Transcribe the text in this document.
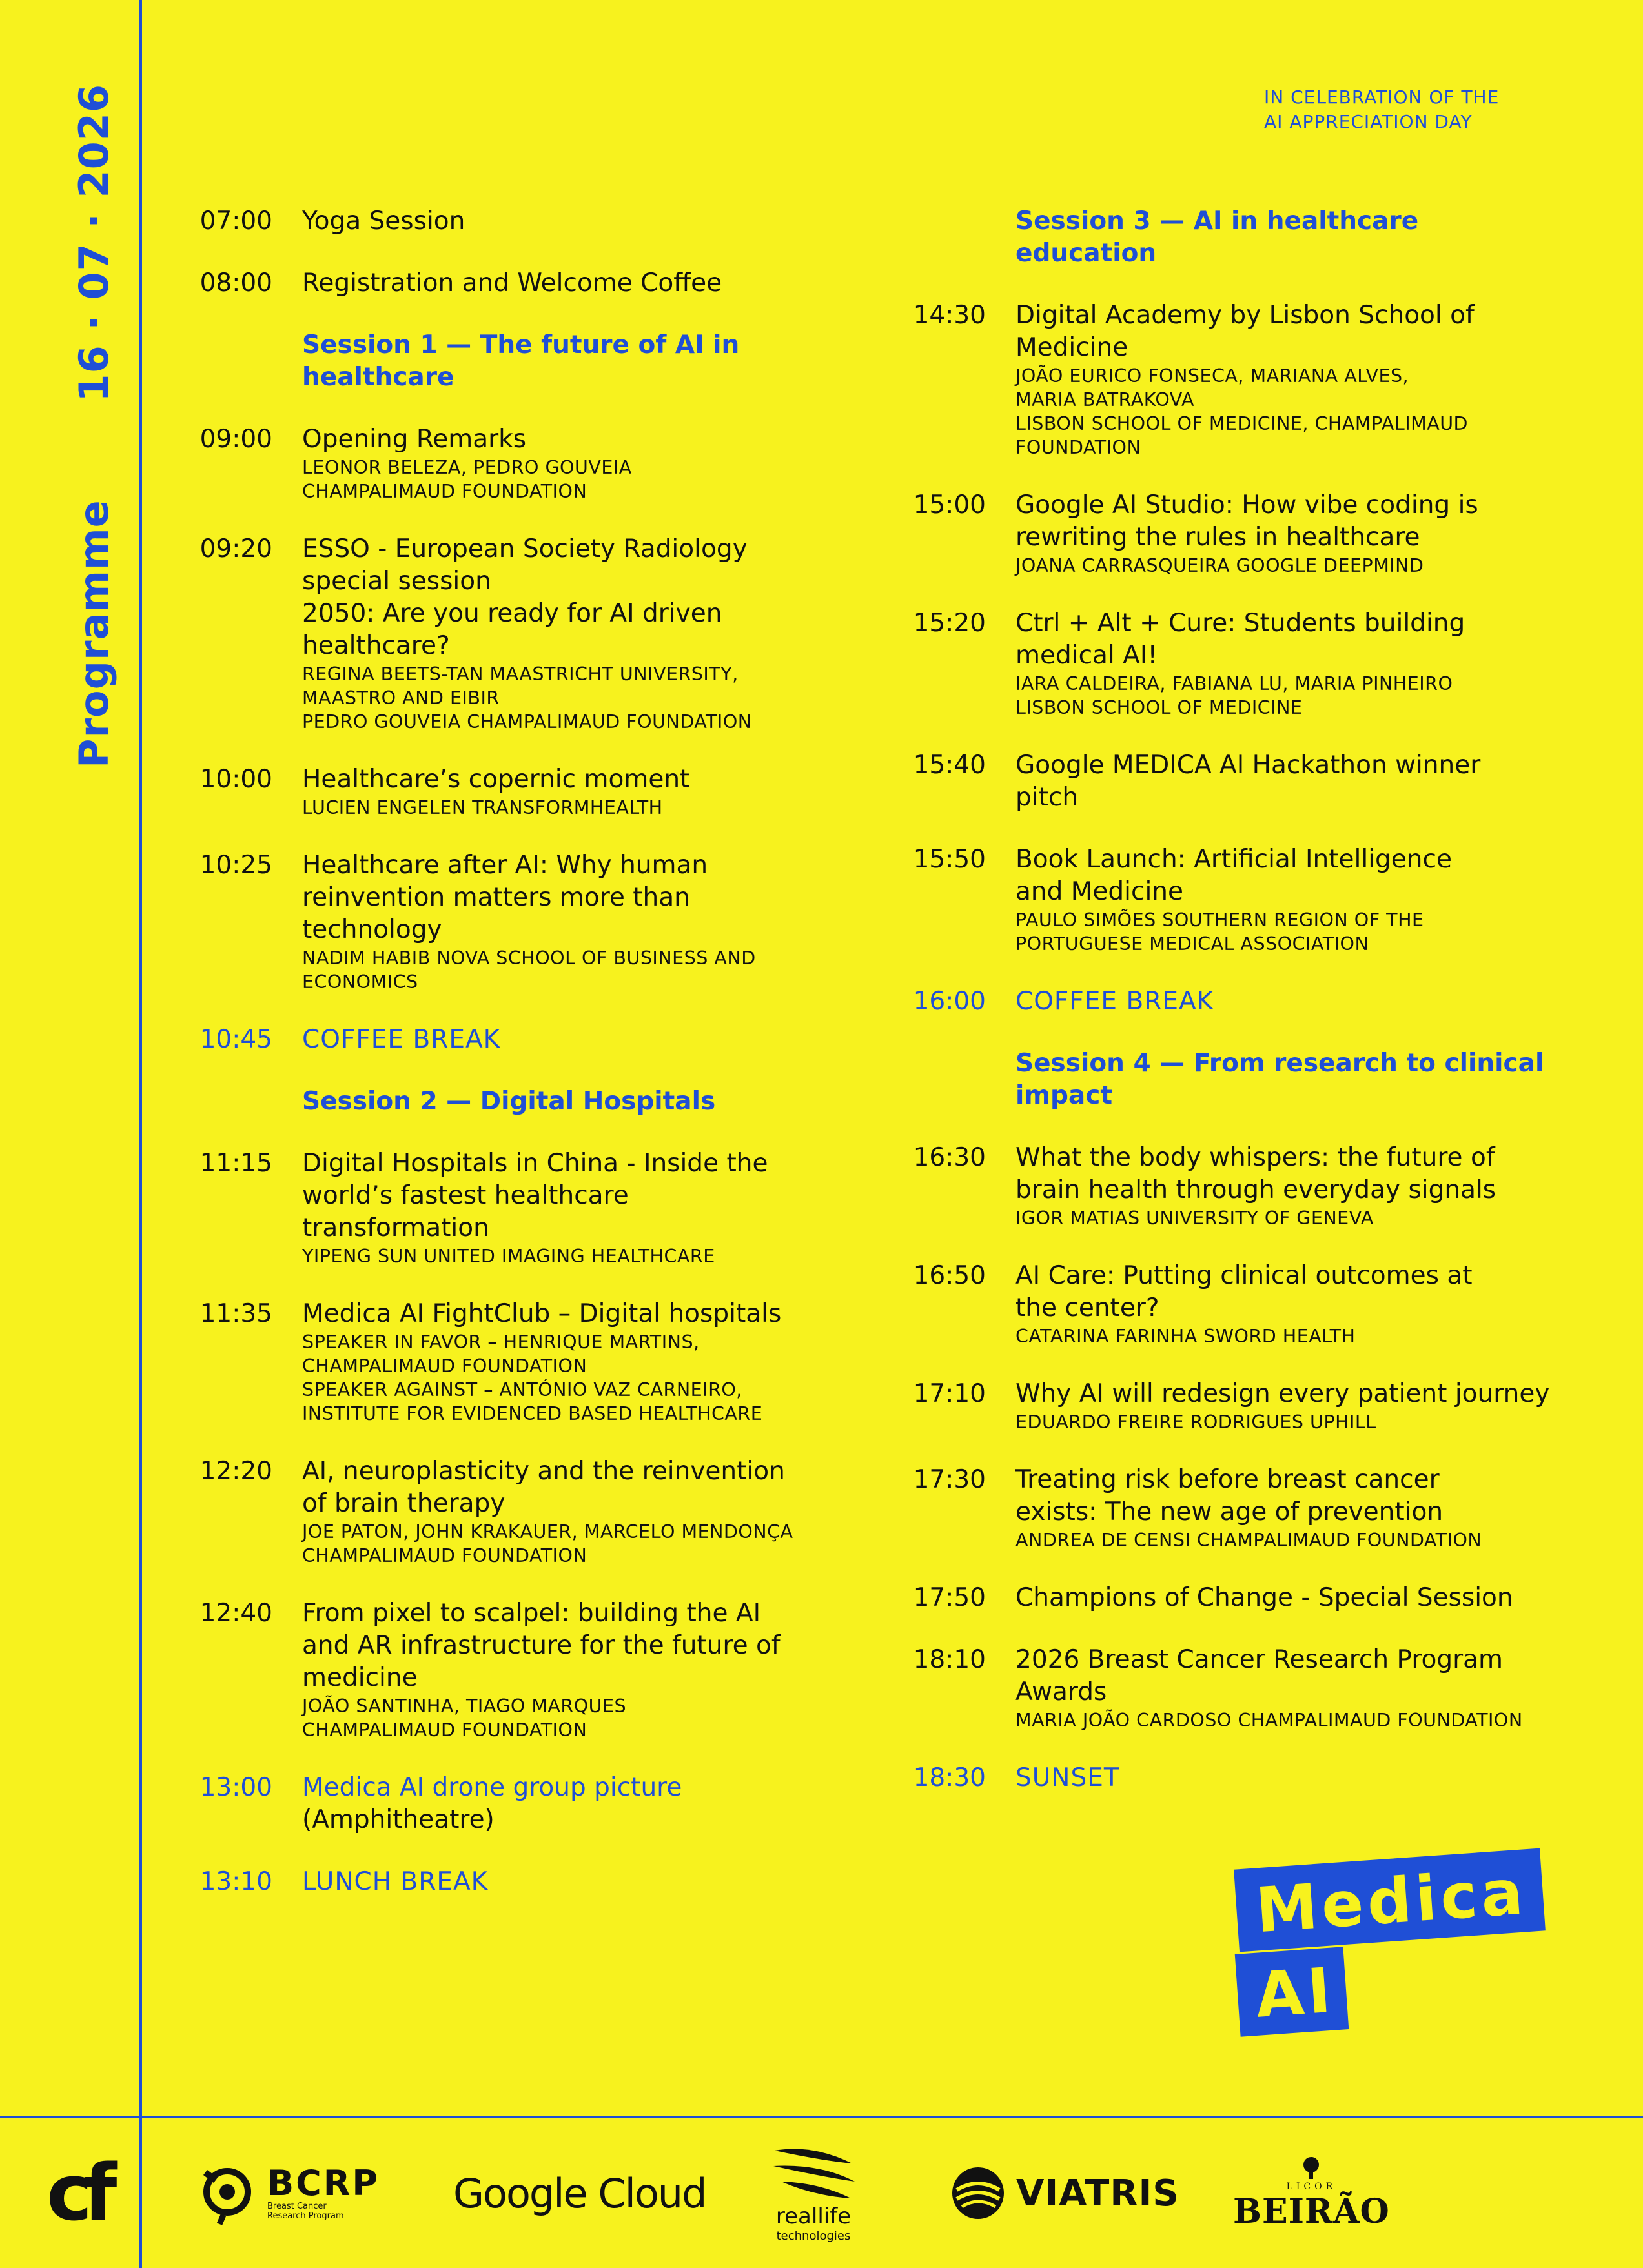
Programme
16 · 07 · 2026	IN CELEBRATION OF THE
AI APPRECIATION DAY
07:00 Yoga Session
08:00 Registration and Welcome Coffee
Session 1 — The future of AI in
healthcare
09:00 Opening Remarks
LEONOR BELEZA, PEDRO GOUVEIA
CHAMPALIMAUD FOUNDATION
09:20 ESSO - European Society Radiology
special session
2050: Are you ready for AI driven
healthcare?
REGINA BEETS-TAN MAASTRICHT UNIVERSITY,
MAASTRO AND EIBIR
PEDRO GOUVEIA CHAMPALIMAUD FOUNDATION
10:00 Healthcare’s copernic moment
LUCIEN ENGELEN TRANSFORMHEALTH
10:25 Healthcare after AI: Why human
reinvention matters more than
technology
NADIM HABIB NOVA SCHOOL OF BUSINESS AND
ECONOMICS
10:45 COFFEE BREAK
Session 2 — Digital Hospitals
11:15 Digital Hospitals in China - Inside the
world’s fastest healthcare
transformation
YIPENG SUN UNITED IMAGING HEALTHCARE
11:35 Medica AI FightClub – Digital hospitals
SPEAKER IN FAVOR – HENRIQUE MARTINS,
CHAMPALIMAUD FOUNDATION
SPEAKER AGAINST – ANTÓNIO VAZ CARNEIRO,
INSTITUTE FOR EVIDENCED BASED HEALTHCARE
12:20 AI, neuroplasticity and the reinvention
of brain therapy
JOE PATON, JOHN KRAKAUER, MARCELO MENDONÇA
CHAMPALIMAUD FOUNDATION
12:40 From pixel to scalpel: building the AI
and AR infrastructure for the future of
medicine
JOÃO SANTINHA, TIAGO MARQUES
CHAMPALIMAUD FOUNDATION
13:00 Medica AI drone group picture
(Amphitheatre)
13:10 LUNCH BREAK
Session 3 — AI in healthcare
education
14:30 Digital Academy by Lisbon School of
Medicine
JOÃO EURICO FONSECA, MARIANA ALVES,
MARIA BATRAKOVA
LISBON SCHOOL OF MEDICINE, CHAMPALIMAUD
FOUNDATION
15:00 Google AI Studio: How vibe coding is
rewriting the rules in healthcare
JOANA CARRASQUEIRA GOOGLE DEEPMIND
15:20 Ctrl + Alt + Cure: Students building
medical AI!
IARA CALDEIRA, FABIANA LU, MARIA PINHEIRO
LISBON SCHOOL OF MEDICINE
15:40 Google MEDICA AI Hackathon winner
pitch
15:50 Book Launch: Artificial Intelligence
and Medicine
PAULO SIMÕES SOUTHERN REGION OF THE
PORTUGUESE MEDICAL ASSOCIATION
16:00 COFFEE BREAK
Session 4 — From research to clinical
impact
16:30 What the body whispers: the future of
brain health through everyday signals
IGOR MATIAS UNIVERSITY OF GENEVA
16:50 AI Care: Putting clinical outcomes at
the center?
CATARINA FARINHA SWORD HEALTH
17:10 Why AI will redesign every patient journey
EDUARDO FREIRE RODRIGUES UPHILL
17:30 Treating risk before breast cancer
exists: The new age of prevention
ANDREA DE CENSI CHAMPALIMAUD FOUNDATION
17:50 Champions of Change - Special Session
18:10 2026 Breast Cancer Research Program
Awards
MARIA JOÃO CARDOSO CHAMPALIMAUD FOUNDATION
18:30 SUNSET
Medica
AI
cf	BCRP
Breast Cancer
Research Program	Google Cloud	reallife
technologies
VIATRIS	LICOR
BEIRÃO
